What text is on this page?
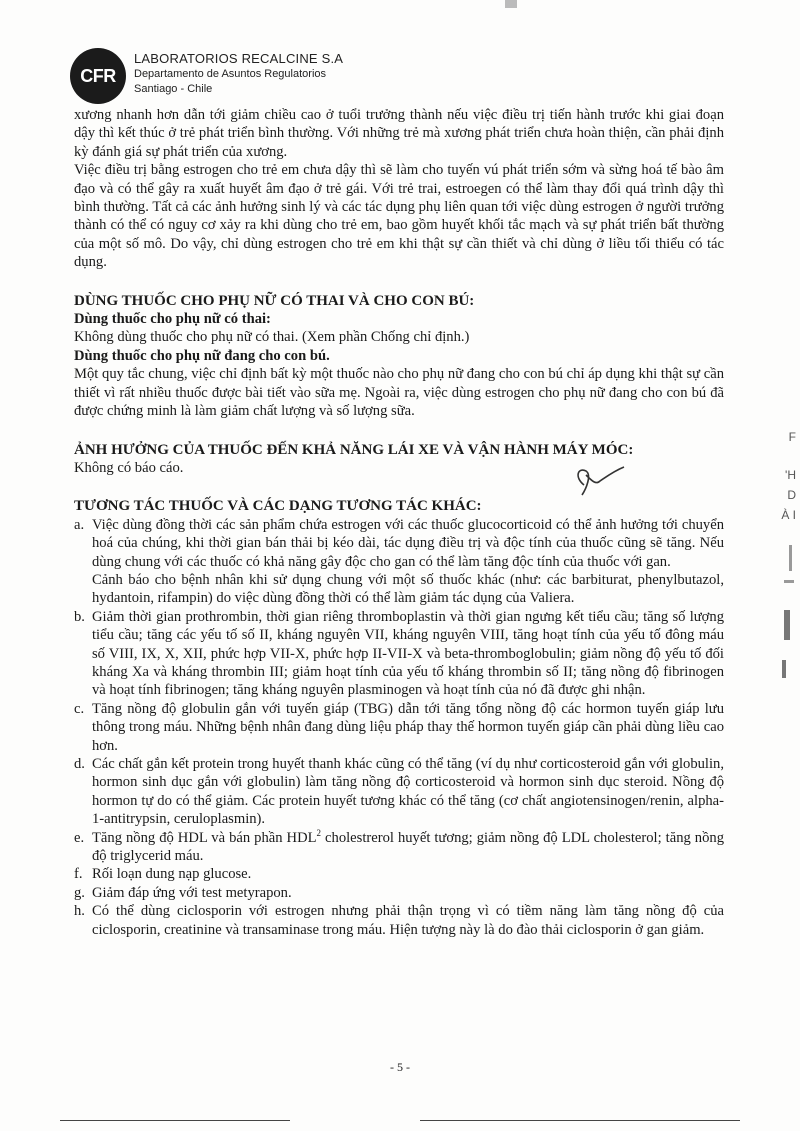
CFR
LABORATORIOS RECALCINE S.A
Departamento de Asuntos Regulatorios
Santiago - Chile

xương nhanh hơn dẫn tới giảm chiều cao ở tuổi trưởng thành nếu việc điều trị tiến hành trước khi giai đoạn dậy thì kết thúc ở trẻ phát triển bình thường. Với những trẻ mà xương phát triển chưa hoàn thiện, cần phải định kỳ đánh giá sự phát triển của xương.

Việc điều trị bằng estrogen cho trẻ em chưa dậy thì sẽ làm cho tuyến vú phát triển sớm và sừng hoá tế bào âm đạo và có thể gây ra xuất huyết âm đạo ở trẻ gái. Với trẻ trai, estroegen có thể làm thay đổi quá trình dậy thì bình thường. Tất cả các ảnh hưởng sinh lý và các tác dụng phụ liên quan tới việc dùng estrogen ở người trưởng thành có thể có nguy cơ xảy ra khi dùng cho trẻ em, bao gồm huyết khối tắc mạch và sự phát triển bất thường của một số mô. Do vậy, chỉ dùng estrogen cho trẻ em khi thật sự cần thiết và chỉ dùng ở liều tối thiểu có tác dụng.

DÙNG THUỐC CHO PHỤ NỮ CÓ THAI VÀ CHO CON BÚ:

Dùng thuốc cho phụ nữ có thai:

Không dùng thuốc cho phụ nữ có thai. (Xem phần Chống chỉ định.)

Dùng thuốc cho phụ nữ đang cho con bú.

Một quy tắc chung, việc chỉ định bất kỳ một thuốc nào cho phụ nữ đang cho con bú chỉ áp dụng khi thật sự cần thiết vì rất nhiều thuốc được bài tiết vào sữa mẹ. Ngoài ra, việc dùng estrogen cho phụ nữ đang cho con bú đã được chứng minh là làm giảm chất lượng và số lượng sữa.

ẢNH HƯỞNG CỦA THUỐC ĐẾN KHẢ NĂNG LÁI XE VÀ VẬN HÀNH MÁY MÓC:

Không có báo cáo.

TƯƠNG TÁC THUỐC VÀ CÁC DẠNG TƯƠNG TÁC KHÁC:

a. Việc dùng đồng thời các sản phẩm chứa estrogen với các thuốc glucocorticoid có thể ảnh hưởng tới chuyển hoá của chúng, khi thời gian bán thải bị kéo dài, tác dụng điều trị và độc tính của thuốc cũng sẽ tăng. Nếu dùng chung với các thuốc có khả năng gây độc cho gan có thể làm tăng độc tính của thuốc với gan.

Cảnh báo cho bệnh nhân khi sử dụng chung với một số thuốc khác (như: các barbiturat, phenylbutazol, hydantoin, rifampin) do việc dùng đồng thời có thể làm giảm tác dụng của Valiera.

b. Giảm thời gian prothrombin, thời gian riêng thromboplastin và thời gian ngưng kết tiểu cầu; tăng số lượng tiểu cầu; tăng các yếu tố số II, kháng nguyên VII, kháng nguyên VIII, tăng hoạt tính của yếu tố đông máu số VIII, IX, X, XII, phức hợp VII-X, phức hợp II-VII-X và beta-thromboglobulin; giảm nồng độ yếu tố đối kháng Xa và kháng thrombin III; giảm hoạt tính của yếu tố kháng thrombin số II; tăng nồng độ fibrinogen và hoạt tính fibrinogen; tăng kháng nguyên plasminogen và hoạt tính của nó đã được ghi nhận.

c. Tăng nồng độ globulin gắn với tuyến giáp (TBG) dẫn tới tăng tổng nồng độ các hormon tuyến giáp lưu thông trong máu. Những bệnh nhân đang dùng liệu pháp thay thế hormon tuyến giáp cần phải dùng liều cao hơn.

d. Các chất gắn kết protein trong huyết thanh khác cũng có thể tăng (ví dụ như corticosteroid gắn với globulin, hormon sinh dục gắn với globulin) làm tăng nồng độ corticosteroid và hormon sinh dục steroid. Nồng độ hormon tự do có thể giảm. Các protein huyết tương khác có thể tăng (cơ chất angiotensinogen/renin, alpha-1-antitrypsin, ceruloplasmin).

e. Tăng nồng độ HDL và bán phần HDL$^2$ cholestrerol huyết tương; giảm nồng độ LDL cholesterol; tăng nồng độ triglycerid máu.

f. Rối loạn dung nạp glucose.

g. Giảm đáp ứng với test metyrapon.

h. Có thể dùng ciclosporin với estrogen nhưng phải thận trọng vì có tiềm năng làm tăng nồng độ của ciclosporin, creatinine và transaminase trong máu. Hiện tượng này là do đào thải ciclosporin ở gan giảm.

F
'H
D
À I
- 5 -
